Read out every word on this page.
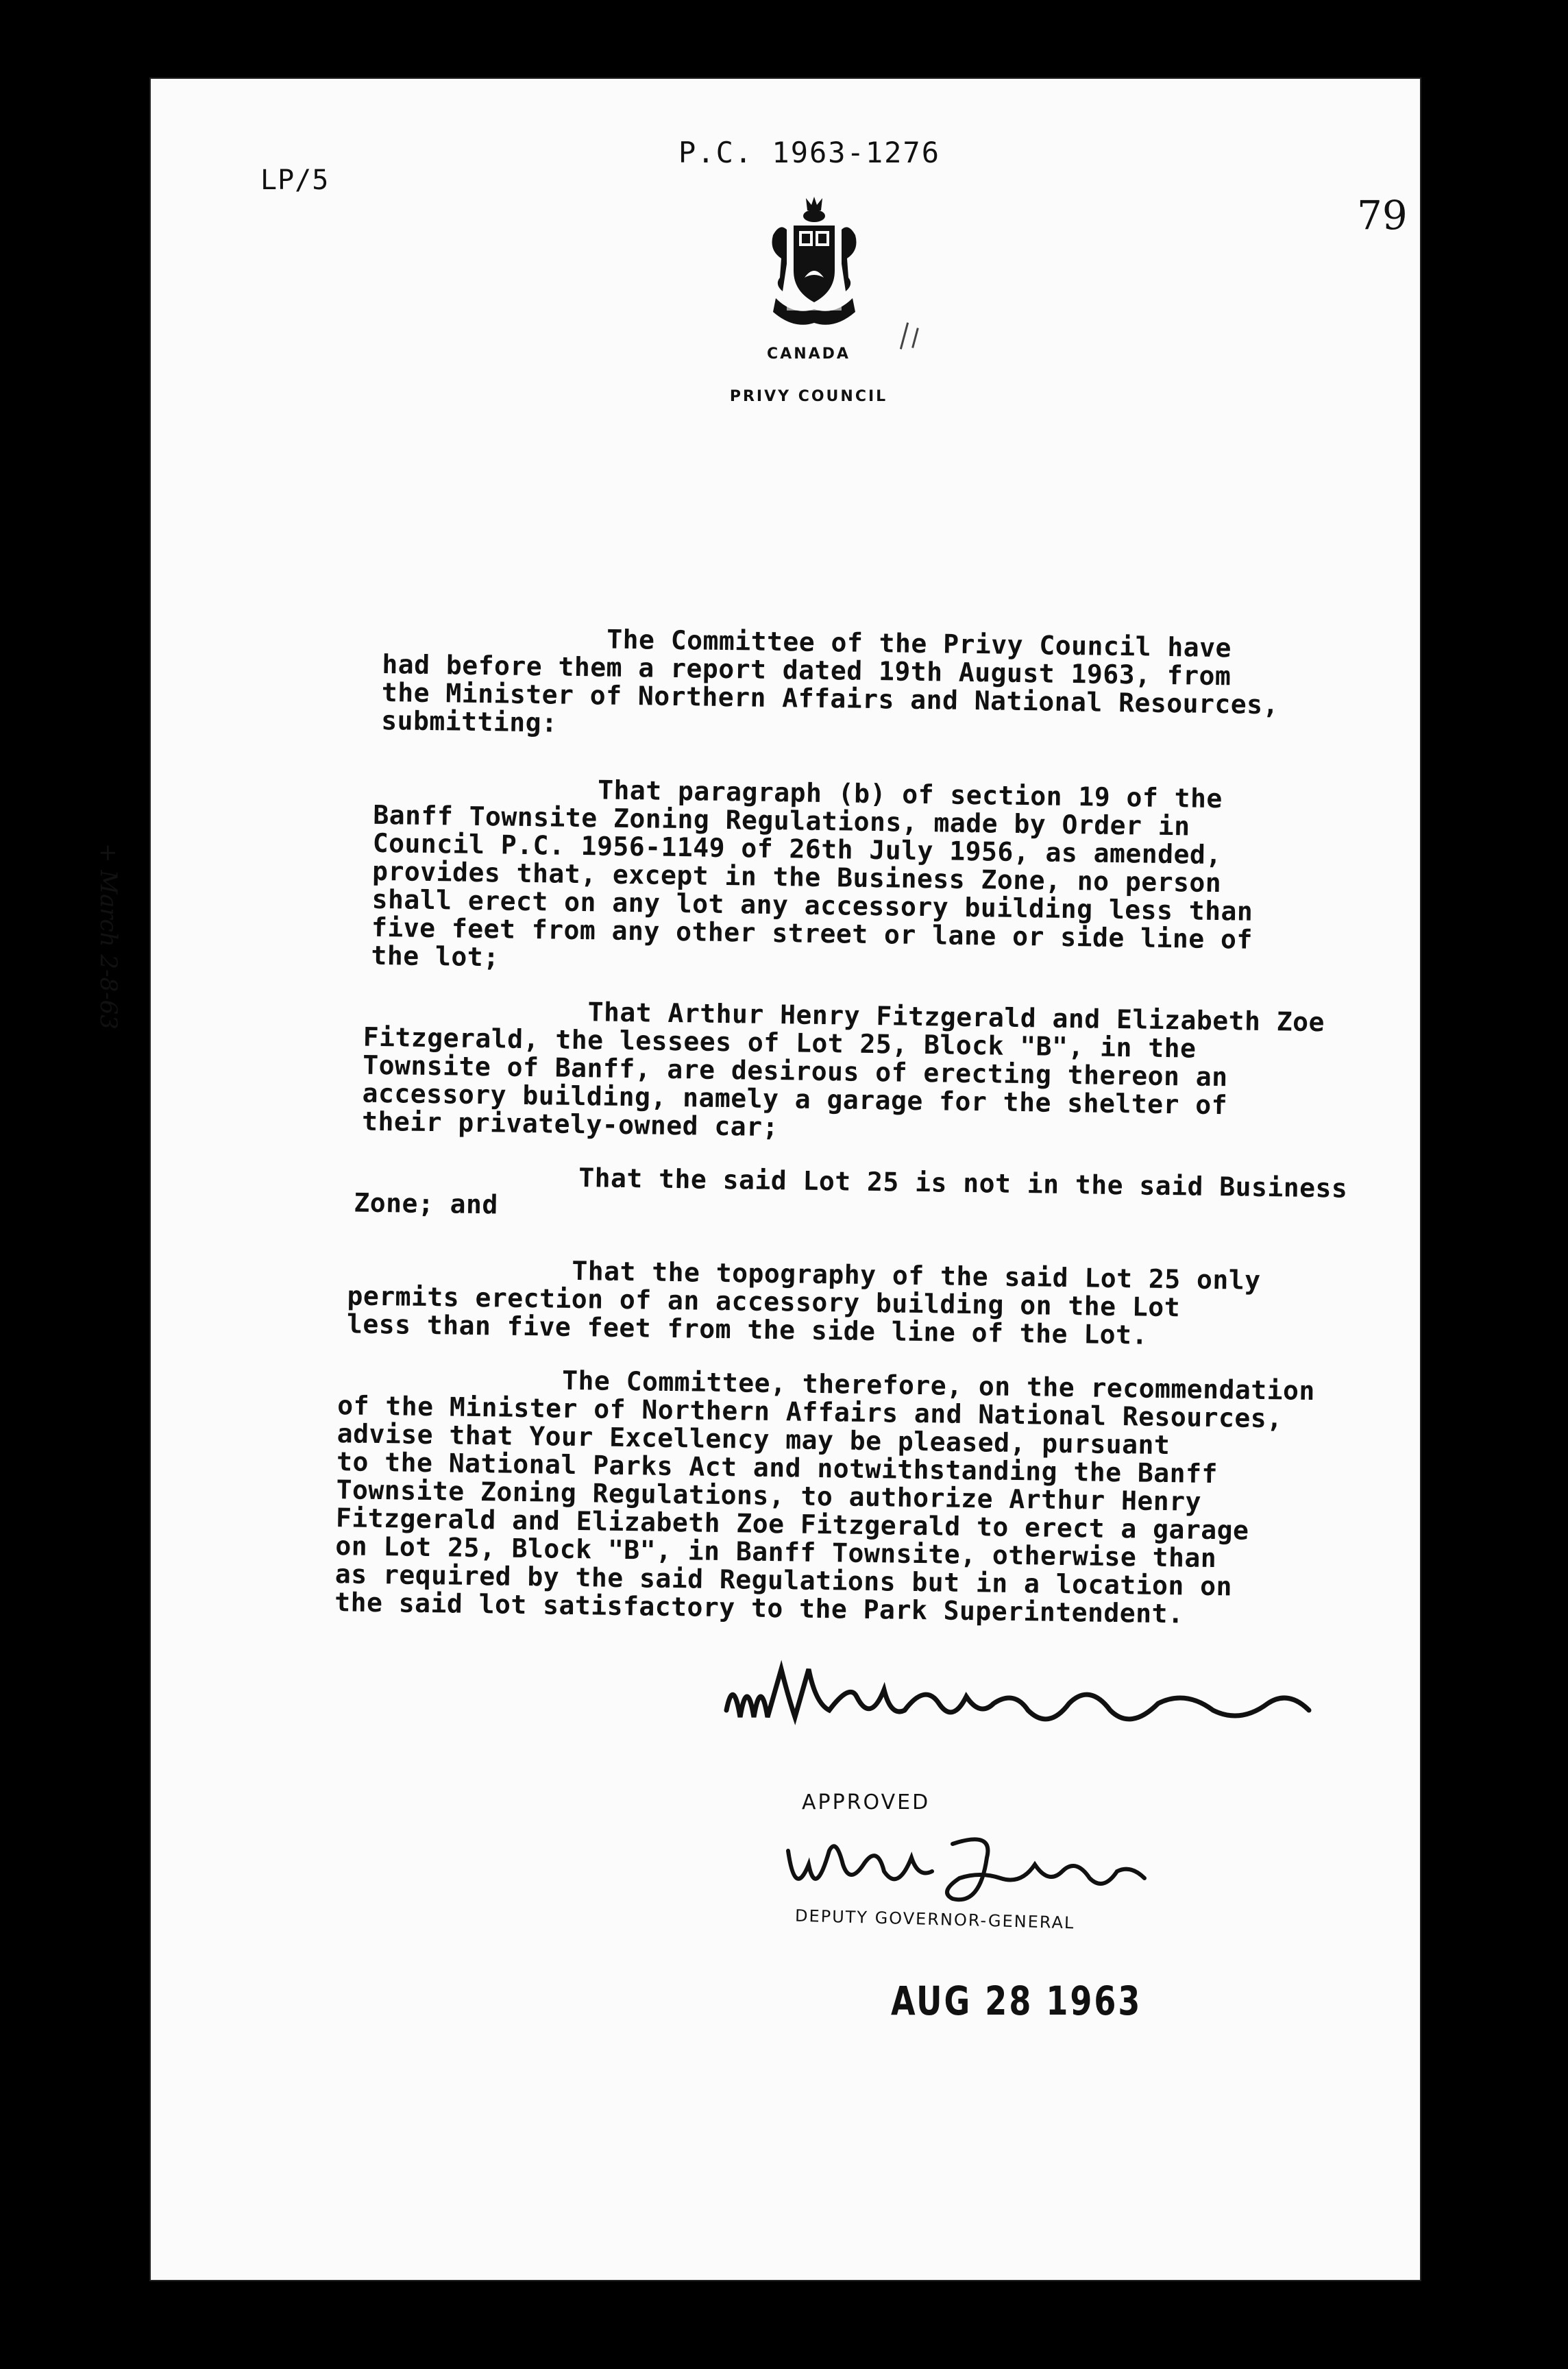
LP/5
P.C. 1963-1276
79
CANADA
PRIVY COUNCIL
The Committee of the Privy Council have
had before them a report dated 19th August 1963, from
the Minister of Northern Affairs and National Resources,
submitting:
That paragraph (b) of section 19 of the
Banff Townsite Zoning Regulations, made by Order in
Council P.C. 1956-1149 of 26th July 1956, as amended,
provides that, except in the Business Zone, no person
shall erect on any lot any accessory building less than
five feet from any other street or lane or side line of
the lot;
That Arthur Henry Fitzgerald and Elizabeth Zoe
Fitzgerald, the lessees of Lot 25, Block "B", in the
Townsite of Banff, are desirous of erecting thereon an
accessory building, namely a garage for the shelter of
their privately-owned car;
That the said Lot 25 is not in the said Business
Zone; and
That the topography of the said Lot 25 only
permits erection of an accessory building on the Lot
less than five feet from the side line of the Lot.
The Committee, therefore, on the recommendation
of the Minister of Northern Affairs and National Resources,
advise that Your Excellency may be pleased, pursuant
to the National Parks Act and notwithstanding the Banff
Townsite Zoning Regulations, to authorize Arthur Henry
Fitzgerald and Elizabeth Zoe Fitzgerald to erect a garage
on Lot 25, Block "B", in Banff Townsite, otherwise than
as required by the said Regulations but in a location on
the said lot satisfactory to the Park Superintendent.
+ March 2-8-63
APPROVED
DEPUTY GOVERNOR-GENERAL
AUG 28 1963
